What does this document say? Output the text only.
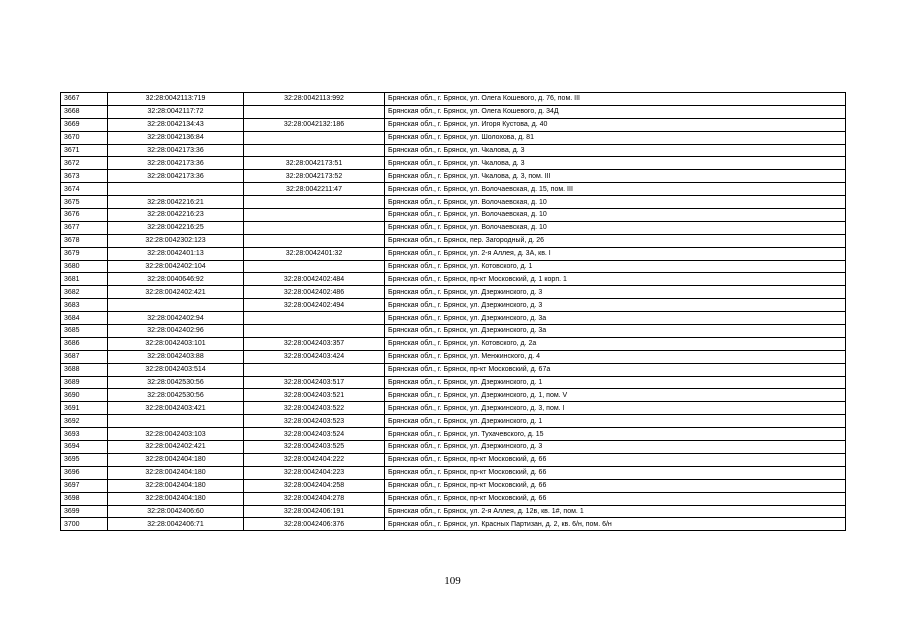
3667	32:28:0042113:719	32:28:0042113:992	Брянская обл., г. Брянск, ул. Олега Кошевого, д. 76, пом. III
3668	32:28:0042117:72		Брянская обл., г. Брянск, ул. Олега Кошевого, д. 34Д
3669	32:28:0042134:43	32:28:0042132:186	Брянская обл., г. Брянск, ул. Игоря Кустова, д. 40
3670	32:28:0042136:84		Брянская обл., г. Брянск, ул. Шолохова, д. 81
3671	32:28:0042173:36		Брянская обл., г. Брянск, ул. Чкалова, д. 3
3672	32:28:0042173:36	32:28:0042173:51	Брянская обл., г. Брянск, ул. Чкалова, д. 3
3673	32:28:0042173:36	32:28:0042173:52	Брянская обл., г. Брянск, ул. Чкалова, д. 3, пом. III
3674		32:28:0042211:47	Брянская обл., г. Брянск, ул. Волочаевская, д. 15, пом. III
3675	32:28:0042216:21		Брянская обл., г. Брянск, ул. Волочаевская, д. 10
3676	32:28:0042216:23		Брянская обл., г. Брянск, ул. Волочаевская, д. 10
3677	32:28:0042216:25		Брянская обл., г. Брянск, ул. Волочаевская, д. 10
3678	32:28:0042302:123		Брянская обл., г. Брянск, пер. Загородный, д. 26
3679	32:28:0042401:13	32:28:0042401:32	Брянская обл., г. Брянск, ул. 2-я Аллея, д. 3А, кв. I
3680	32:28:0042402:104		Брянская обл., г. Брянск, ул. Котовского, д. 1
3681	32:28:0040646:92	32:28:0042402:484	Брянская обл., г. Брянск, пр-кт Московский, д. 1 корп. 1
3682	32:28:0042402:421	32:28:0042402:486	Брянская обл., г. Брянск, ул. Дзержинского, д. 3
3683		32:28:0042402:494	Брянская обл., г. Брянск, ул. Дзержинского, д. 3
3684	32:28:0042402:94		Брянская обл., г. Брянск, ул. Дзержинского, д. 3а
3685	32:28:0042402:96		Брянская обл., г. Брянск, ул. Дзержинского, д. 3а
3686	32:28:0042403:101	32:28:0042403:357	Брянская обл., г. Брянск, ул. Котовского, д. 2а
3687	32:28:0042403:88	32:28:0042403:424	Брянская обл., г. Брянск, ул. Менжинского, д. 4
3688	32:28:0042403:514		Брянская обл., г. Брянск, пр-кт Московский, д. 67а
3689	32:28:0042530:56	32:28:0042403:517	Брянская обл., г. Брянск, ул. Дзержинского, д. 1
3690	32:28:0042530:56	32:28:0042403:521	Брянская обл., г. Брянск, ул. Дзержинского, д. 1, пом. V
3691	32:28:0042403:421	32:28:0042403:522	Брянская обл., г. Брянск, ул. Дзержинского, д. 3, пом. I
3692		32:28:0042403:523	Брянская обл., г. Брянск, ул. Дзержинского, д. 1
3693	32:28:0042403:103	32:28:0042403:524	Брянская обл., г. Брянск, ул. Тухачевского, д. 15
3694	32:28:0042402:421	32:28:0042403:525	Брянская обл., г. Брянск, ул. Дзержинского, д. 3
3695	32:28:0042404:180	32:28:0042404:222	Брянская обл., г. Брянск, пр-кт Московский, д. 66
3696	32:28:0042404:180	32:28:0042404:223	Брянская обл., г. Брянск, пр-кт Московский, д. 66
3697	32:28:0042404:180	32:28:0042404:258	Брянская обл., г. Брянск, пр-кт Московский, д. 66
3698	32:28:0042404:180	32:28:0042404:278	Брянская обл., г. Брянск, пр-кт Московский, д. 66
3699	32:28:0042406:60	32:28:0042406:191	Брянская обл., г. Брянск, ул. 2-я Аллея, д. 12в, кв. 1#, пом. 1
3700	32:28:0042406:71	32:28:0042406:376	Брянская обл., г. Брянск, ул. Красных Партизан, д. 2, кв. 6/н, пом. 6/н
109
